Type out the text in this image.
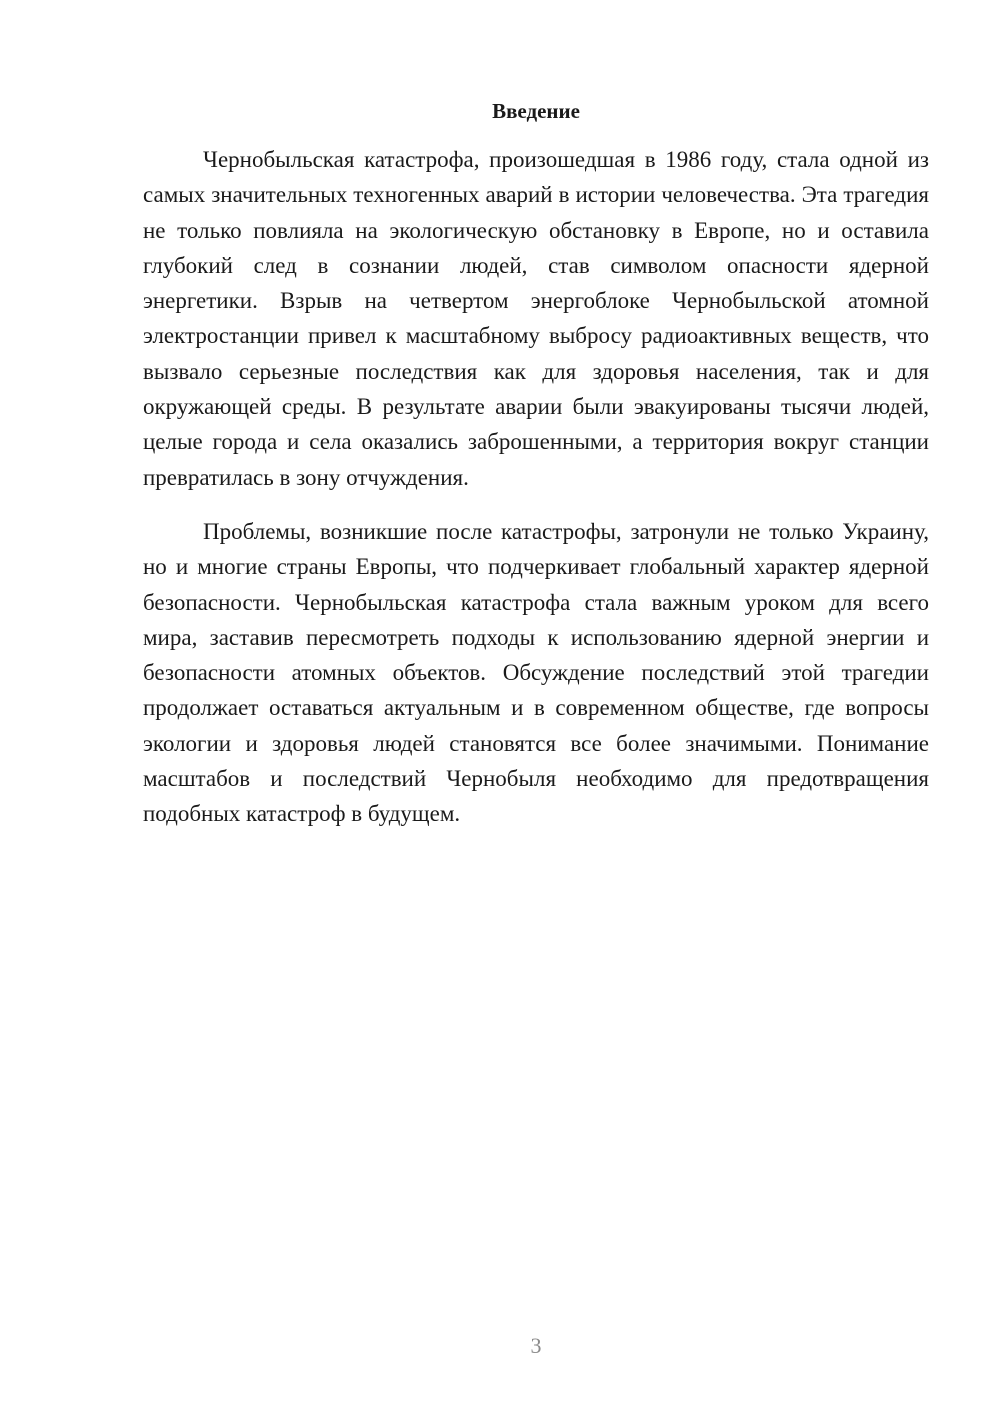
Введение

Чернобыльская катастрофа, произошедшая в 1986 году, стала одной из самых значительных техногенных аварий в истории человечества. Эта трагедия не только повлияла на экологическую обстановку в Европе, но и оставила глубокий след в сознании людей, став символом опасности ядерной энергетики. Взрыв на четвертом энергоблоке Чернобыльской атомной электростанции привел к масштабному выбросу радиоактивных веществ, что вызвало серьезные последствия как для здоровья населения, так и для окружающей среды. В результате аварии были эвакуированы тысячи людей, целые города и села оказались заброшенными, а территория вокруг станции превратилась в зону отчуждения.

Проблемы, возникшие после катастрофы, затронули не только Украину, но и многие страны Европы, что подчеркивает глобальный характер ядерной безопасности. Чернобыльская катастрофа стала важным уроком для всего мира, заставив пересмотреть подходы к использованию ядерной энергии и безопасности атомных объектов. Обсуждение последствий этой трагедии продолжает оставаться актуальным и в современном обществе, где вопросы экологии и здоровья людей становятся все более значимыми. Понимание масштабов и последствий Чернобыля необходимо для предотвращения подобных катастроф в будущем.

3
